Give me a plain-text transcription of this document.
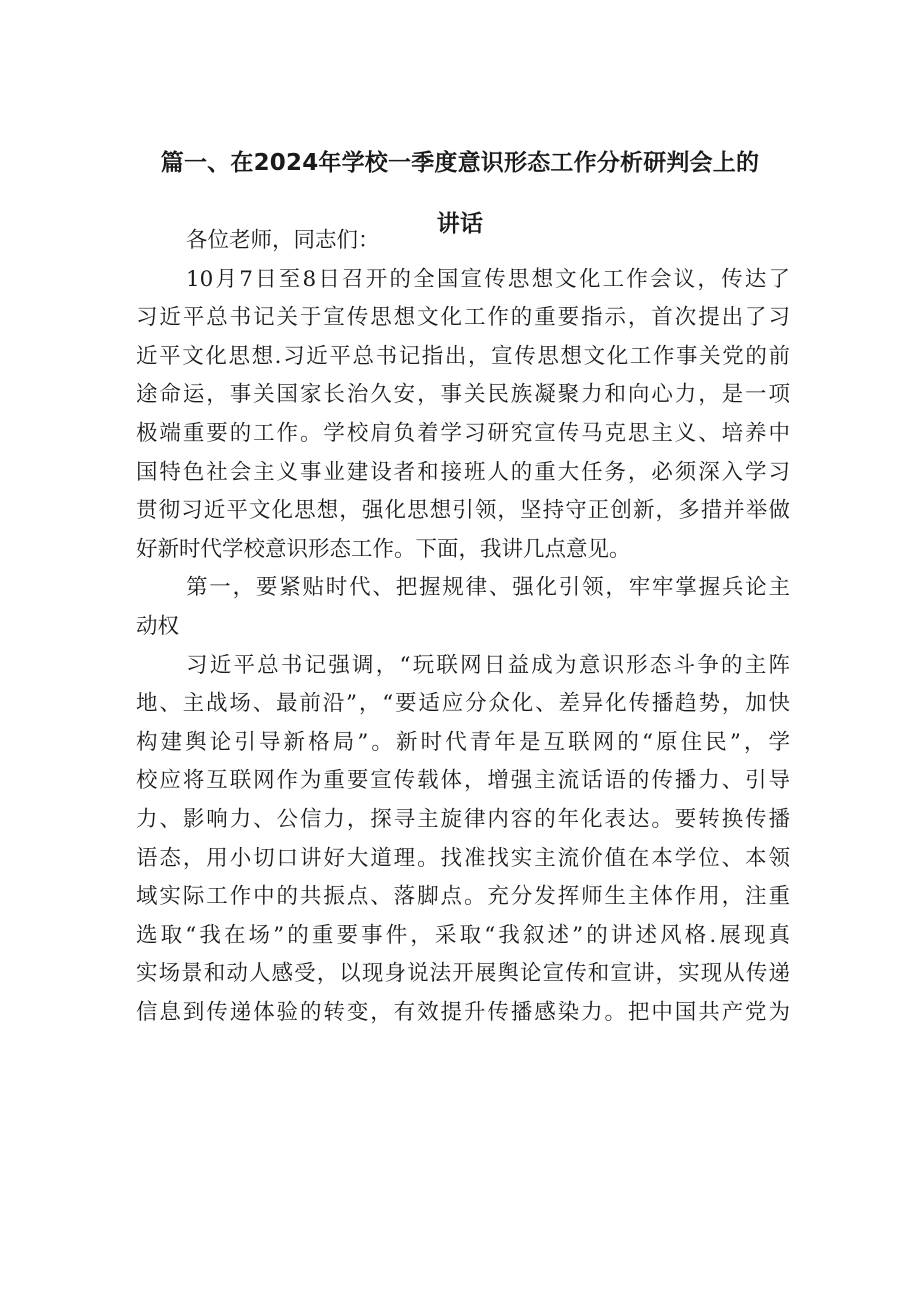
篇一、在2024年学校一季度意识形态工作分析研判会上的
讲话
各位老师，同志们：
10月7日至8日召开的全国宣传思想文化工作会议，传达了
习近平总书记关于宣传思想文化工作的重要指示，首次提出了习
近平文化思想.习近平总书记指出，宣传思想文化工作事关党的前
途命运，事关国家长治久安，事关民族凝聚力和向心力，是一项
极端重要的工作。学校肩负着学习研究宣传马克思主义、培养中
国特色社会主义事业建设者和接班人的重大任务，必须深入学习
贯彻习近平文化思想，强化思想引领，坚持守正创新，多措并举做
好新时代学校意识形态工作。下面，我讲几点意见。
第一，要紧贴时代、把握规律、强化引领，牢牢掌握兵论主
动权
习近平总书记强调，“玩联网日益成为意识形态斗争的主阵
地、主战场、最前沿”，“要适应分众化、差异化传播趋势，加快
构建舆论引导新格局”。新时代青年是互联网的“原住民”，学
校应将互联网作为重要宣传载体，增强主流话语的传播力、引导
力、影响力、公信力，探寻主旋律内容的年化表达。要转换传播
语态，用小切口讲好大道理。找准找实主流价值在本学位、本领
域实际工作中的共振点、落脚点。充分发挥师生主体作用，注重
选取“我在场”的重要事件，采取“我叙述”的讲述风格.展现真
实场景和动人感受，以现身说法开展舆论宣传和宣讲，实现从传递
信息到传递体验的转变，有效提升传播感染力。把中国共产党为
